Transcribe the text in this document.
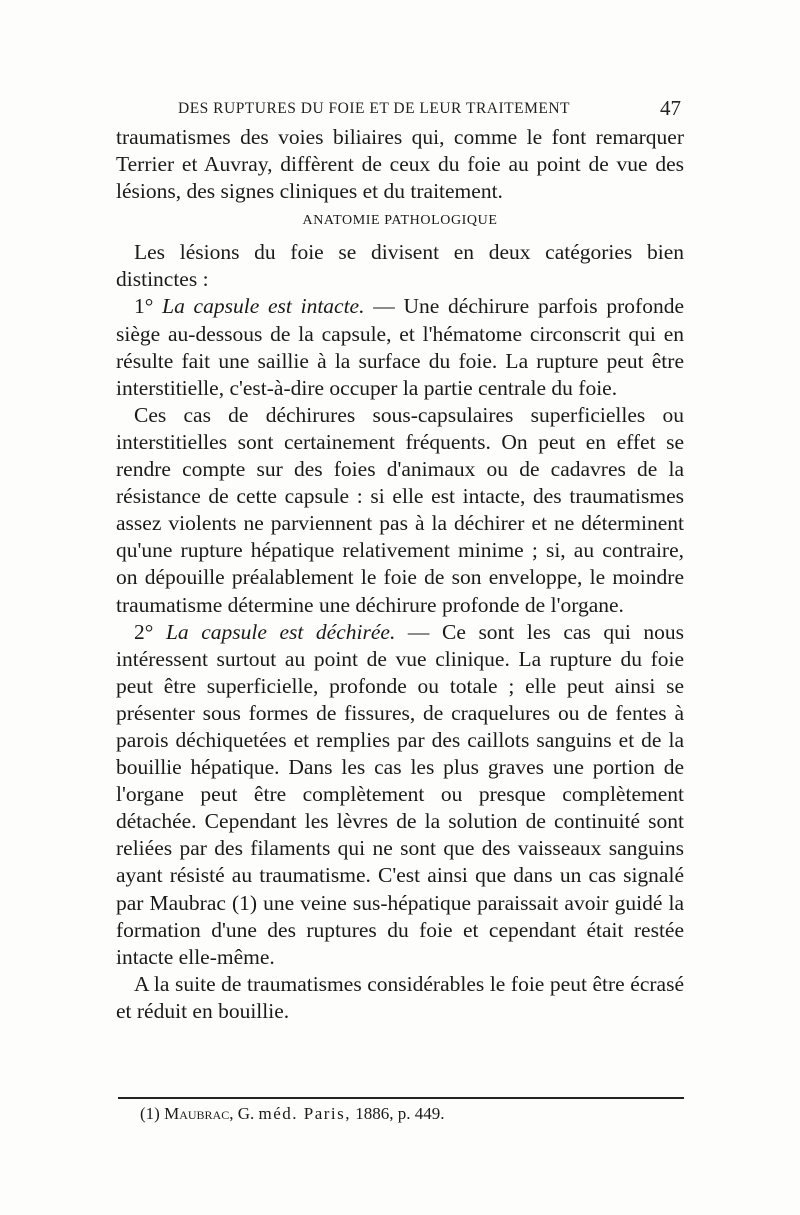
DES RUPTURES DU FOIE ET DE LEUR TRAITEMENT	47

traumatismes des voies biliaires qui, comme le font remarquer Terrier et Auvray, diffèrent de ceux du foie au point de vue des lésions, des signes cliniques et du traitement.

ANATOMIE PATHOLOGIQUE

Les lésions du foie se divisent en deux catégories bien distinctes :

1° La capsule est intacte. — Une déchirure parfois profonde siège au-dessous de la capsule, et l'hématome circonscrit qui en résulte fait une saillie à la surface du foie. La rupture peut être interstitielle, c'est-à-dire occuper la partie centrale du foie.

Ces cas de déchirures sous-capsulaires superficielles ou interstitielles sont certainement fréquents. On peut en effet se rendre compte sur des foies d'animaux ou de cadavres de la résistance de cette capsule : si elle est intacte, des traumatismes assez violents ne parviennent pas à la déchirer et ne déterminent qu'une rupture hépatique relativement minime ; si, au contraire, on dépouille préalablement le foie de son enveloppe, le moindre traumatisme détermine une déchirure profonde de l'organe.

2° La capsule est déchirée. — Ce sont les cas qui nous intéressent surtout au point de vue clinique. La rupture du foie peut être superficielle, profonde ou totale ; elle peut ainsi se présenter sous formes de fissures, de craquelures ou de fentes à parois déchiquetées et remplies par des caillots sanguins et de la bouillie hépatique. Dans les cas les plus graves une portion de l'organe peut être complètement ou presque complètement détachée. Cependant les lèvres de la solution de continuité sont reliées par des filaments qui ne sont que des vaisseaux sanguins ayant résisté au traumatisme. C'est ainsi que dans un cas signalé par Maubrac (1) une veine sus-hépatique paraissait avoir guidé la formation d'une des ruptures du foie et cependant était restée intacte elle-même.

A la suite de traumatismes considérables le foie peut être écrasé et réduit en bouillie.

(1) Maubrac, G. méd. Paris, 1886, p. 449.
